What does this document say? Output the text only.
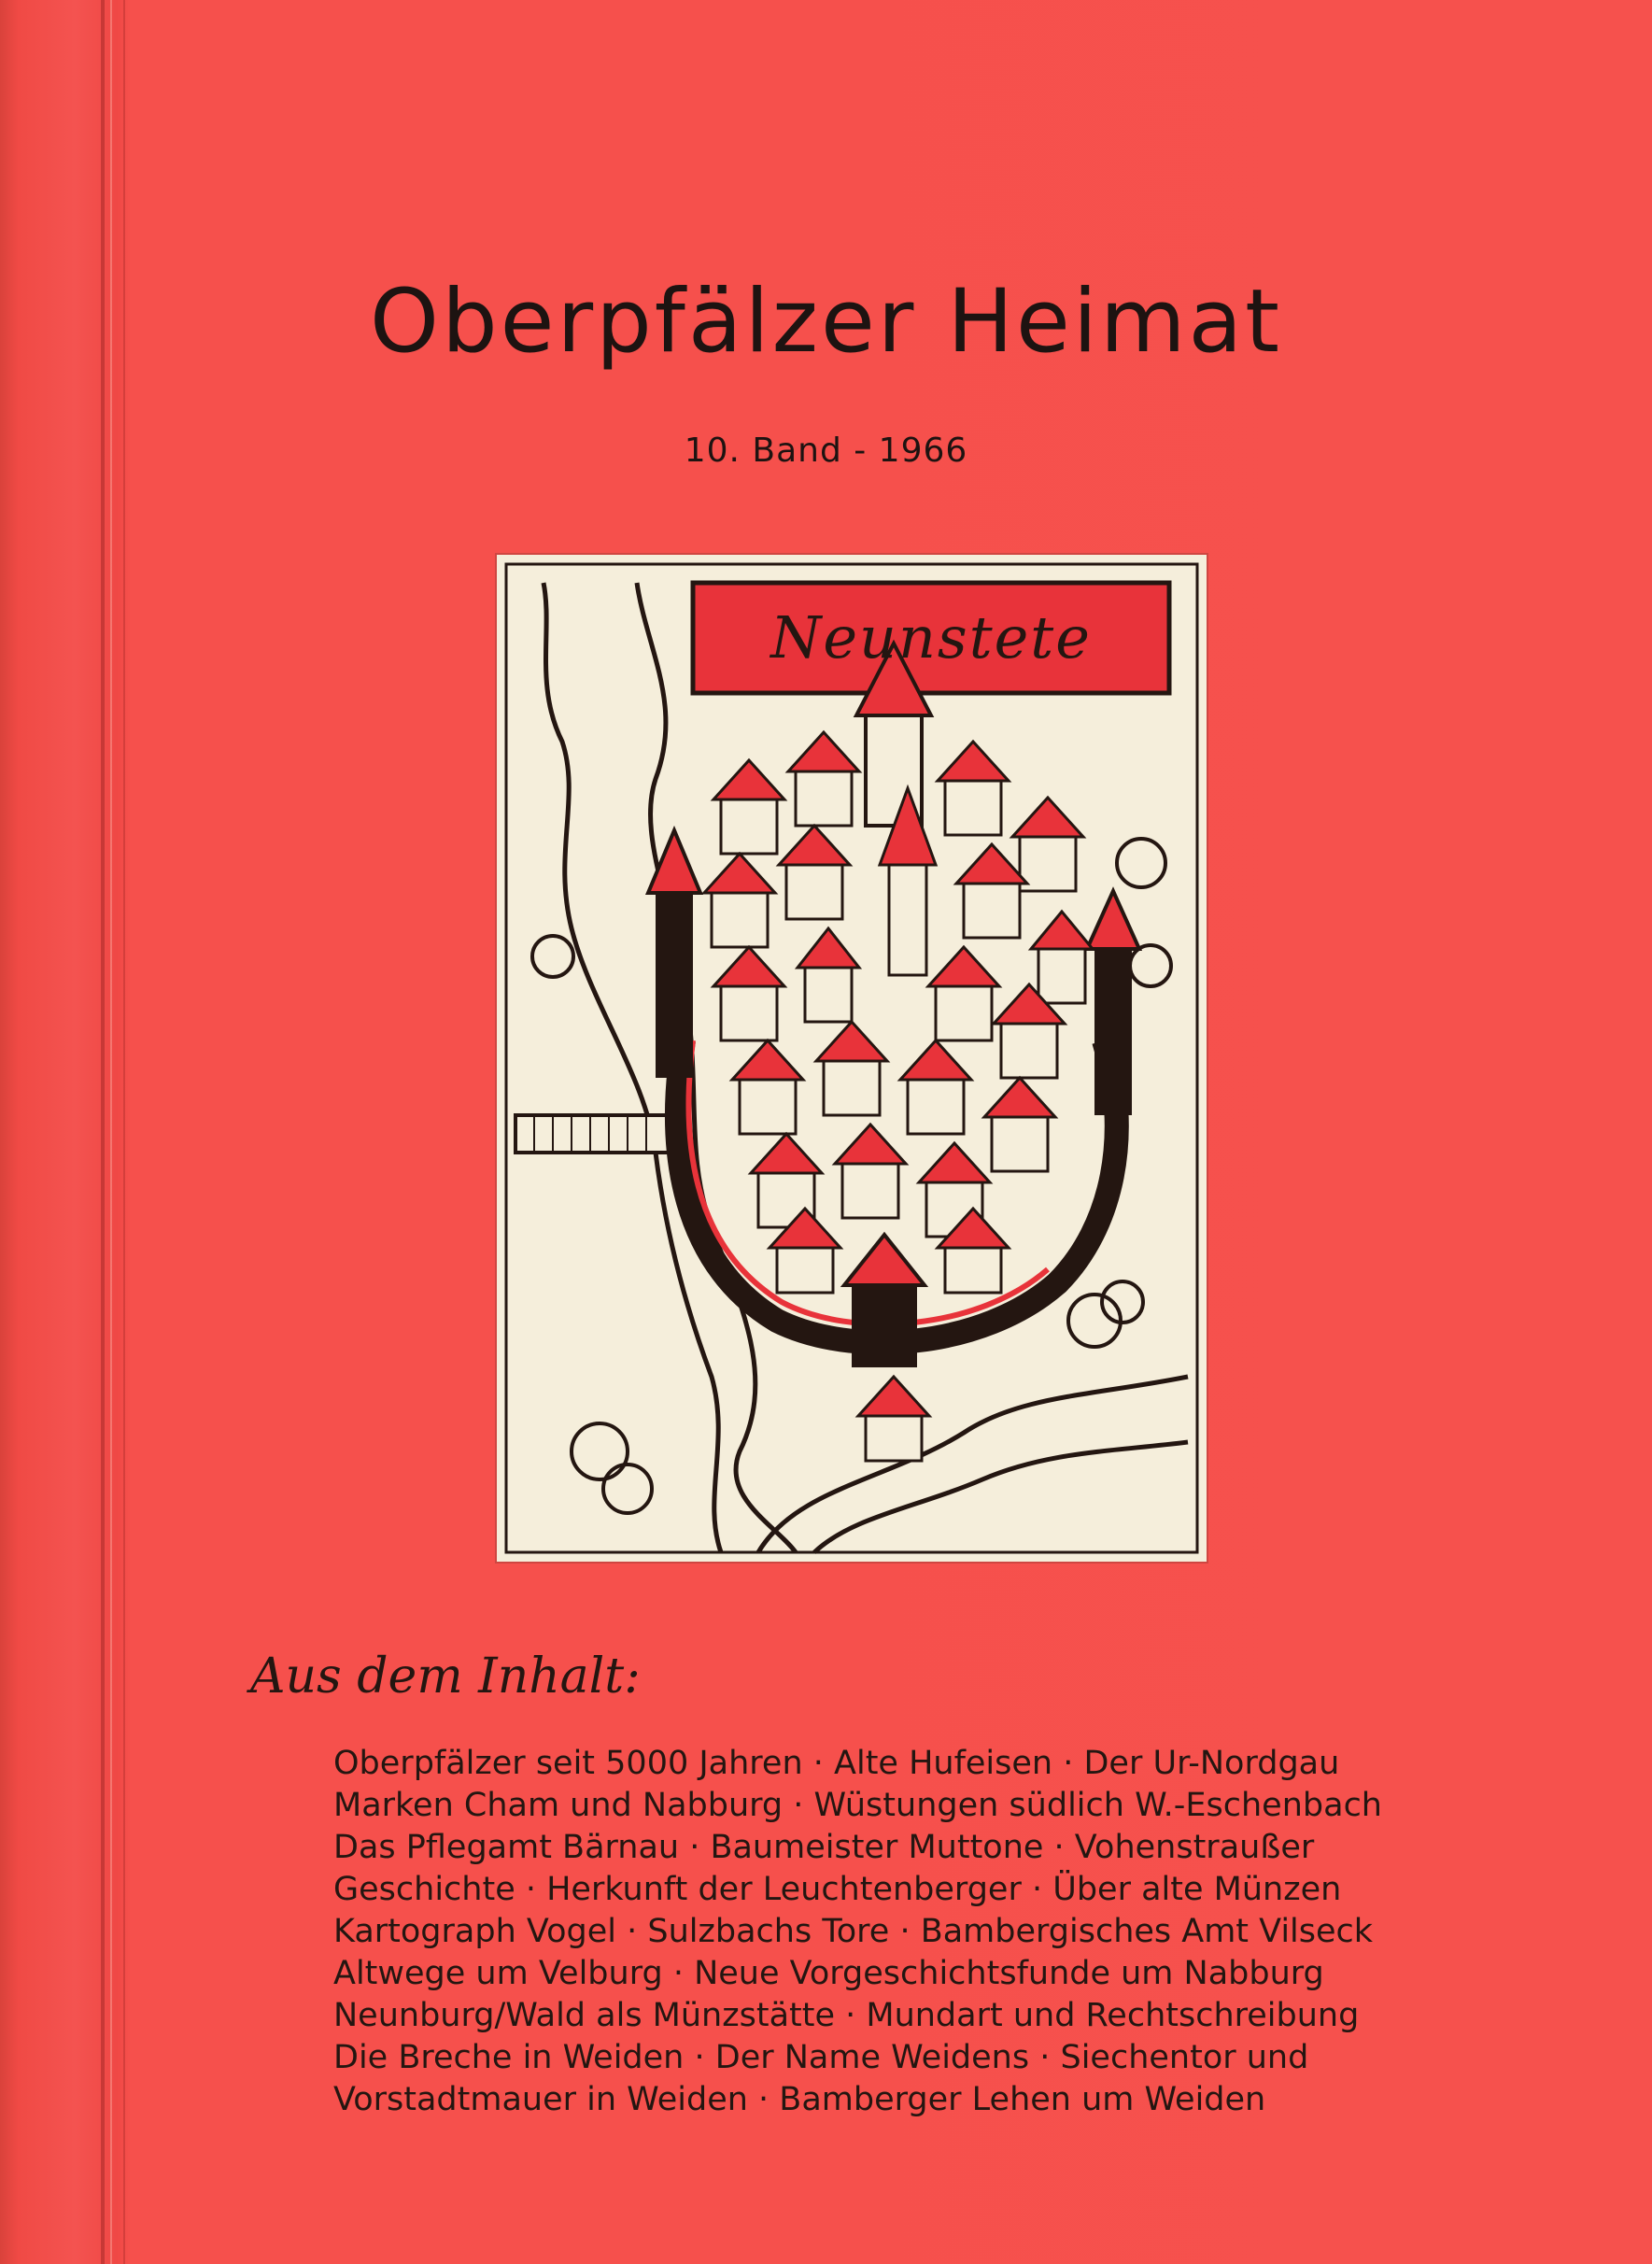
Oberpfälzer Heimat
10. Band - 1966
Neunstete
Aus dem Inhalt:
Oberpfälzer seit 5000 Jahren · Alte Hufeisen · Der Ur-Nordgau
Marken Cham und Nabburg · Wüstungen südlich W.-Eschenbach
Das Pflegamt Bärnau · Baumeister Muttone · Vohenstraußer
Geschichte · Herkunft der Leuchtenberger · Über alte Münzen
Kartograph Vogel · Sulzbachs Tore · Bambergisches Amt Vilseck
Altwege um Velburg · Neue Vorgeschichtsfunde um Nabburg
Neunburg/Wald als Münzstätte · Mundart und Rechtschreibung
Die Breche in Weiden · Der Name Weidens · Siechentor und
Vorstadtmauer in Weiden · Bamberger Lehen um Weiden
